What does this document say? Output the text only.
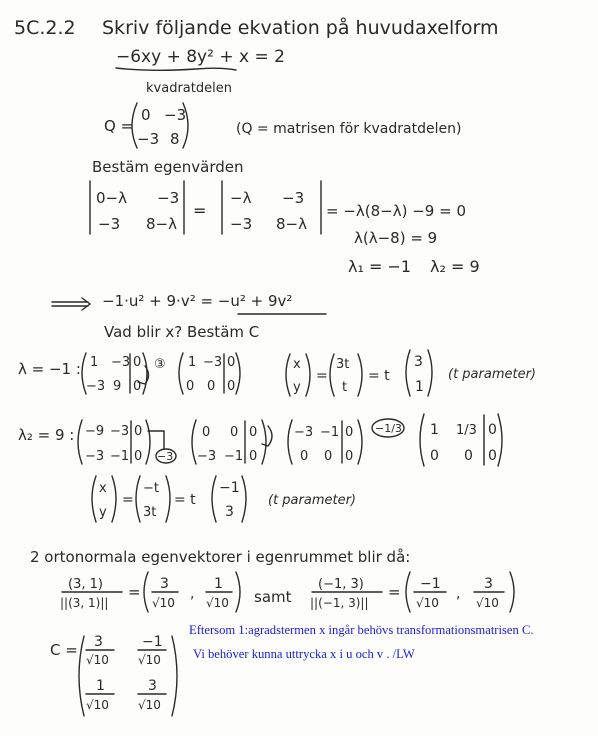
5C.2.2 Skriv följande ekvation på huvudaxelform
−6xy + 8y² + x = 2
kvadratdelen
Q =
0 −3
−3 8
(Q = matrisen för kvadratdelen)
Bestäm egenvärden
0−λ −3
−3 8−λ
=
−λ −3
−3 8−λ
= −λ(8−λ) −9 = 0
λ(λ−8) = 9
λ₁ = −1 λ₂ = 9
−1·u² + 9·v² = −u² + 9v²
Vad blir x? Bestäm C
λ = −1 : 1 −3 0
−3 9 0
③ 1 −3 0
0 0 0
x
y
=
3t
t
= t
3
1
(t parameter)
λ₂ = 9 : −9 −3 0
−3 −1 0 −3
0 0 0
−3 −1 0
−3 −1 0
0 0 0
−1/3 1 1/3 0
0 0 0
x
y
=
−t
3t
= t
−1
3
(t parameter)
2 ortonormala egenvektorer i egenrummet blir då:
(3, 1)
||(3, 1)||
= 3
√10
,
1
√10 samt
(−1, 3)
||(−1, 3)||
= −1
√10
,
3
√10
C = 3
√10
−1
√10
1
√10
3
√10
Eftersom 1:agradstermen x ingår behövs transformationsmatrisen C.
Vi behöver kunna uttrycka x i u och v . /LW
